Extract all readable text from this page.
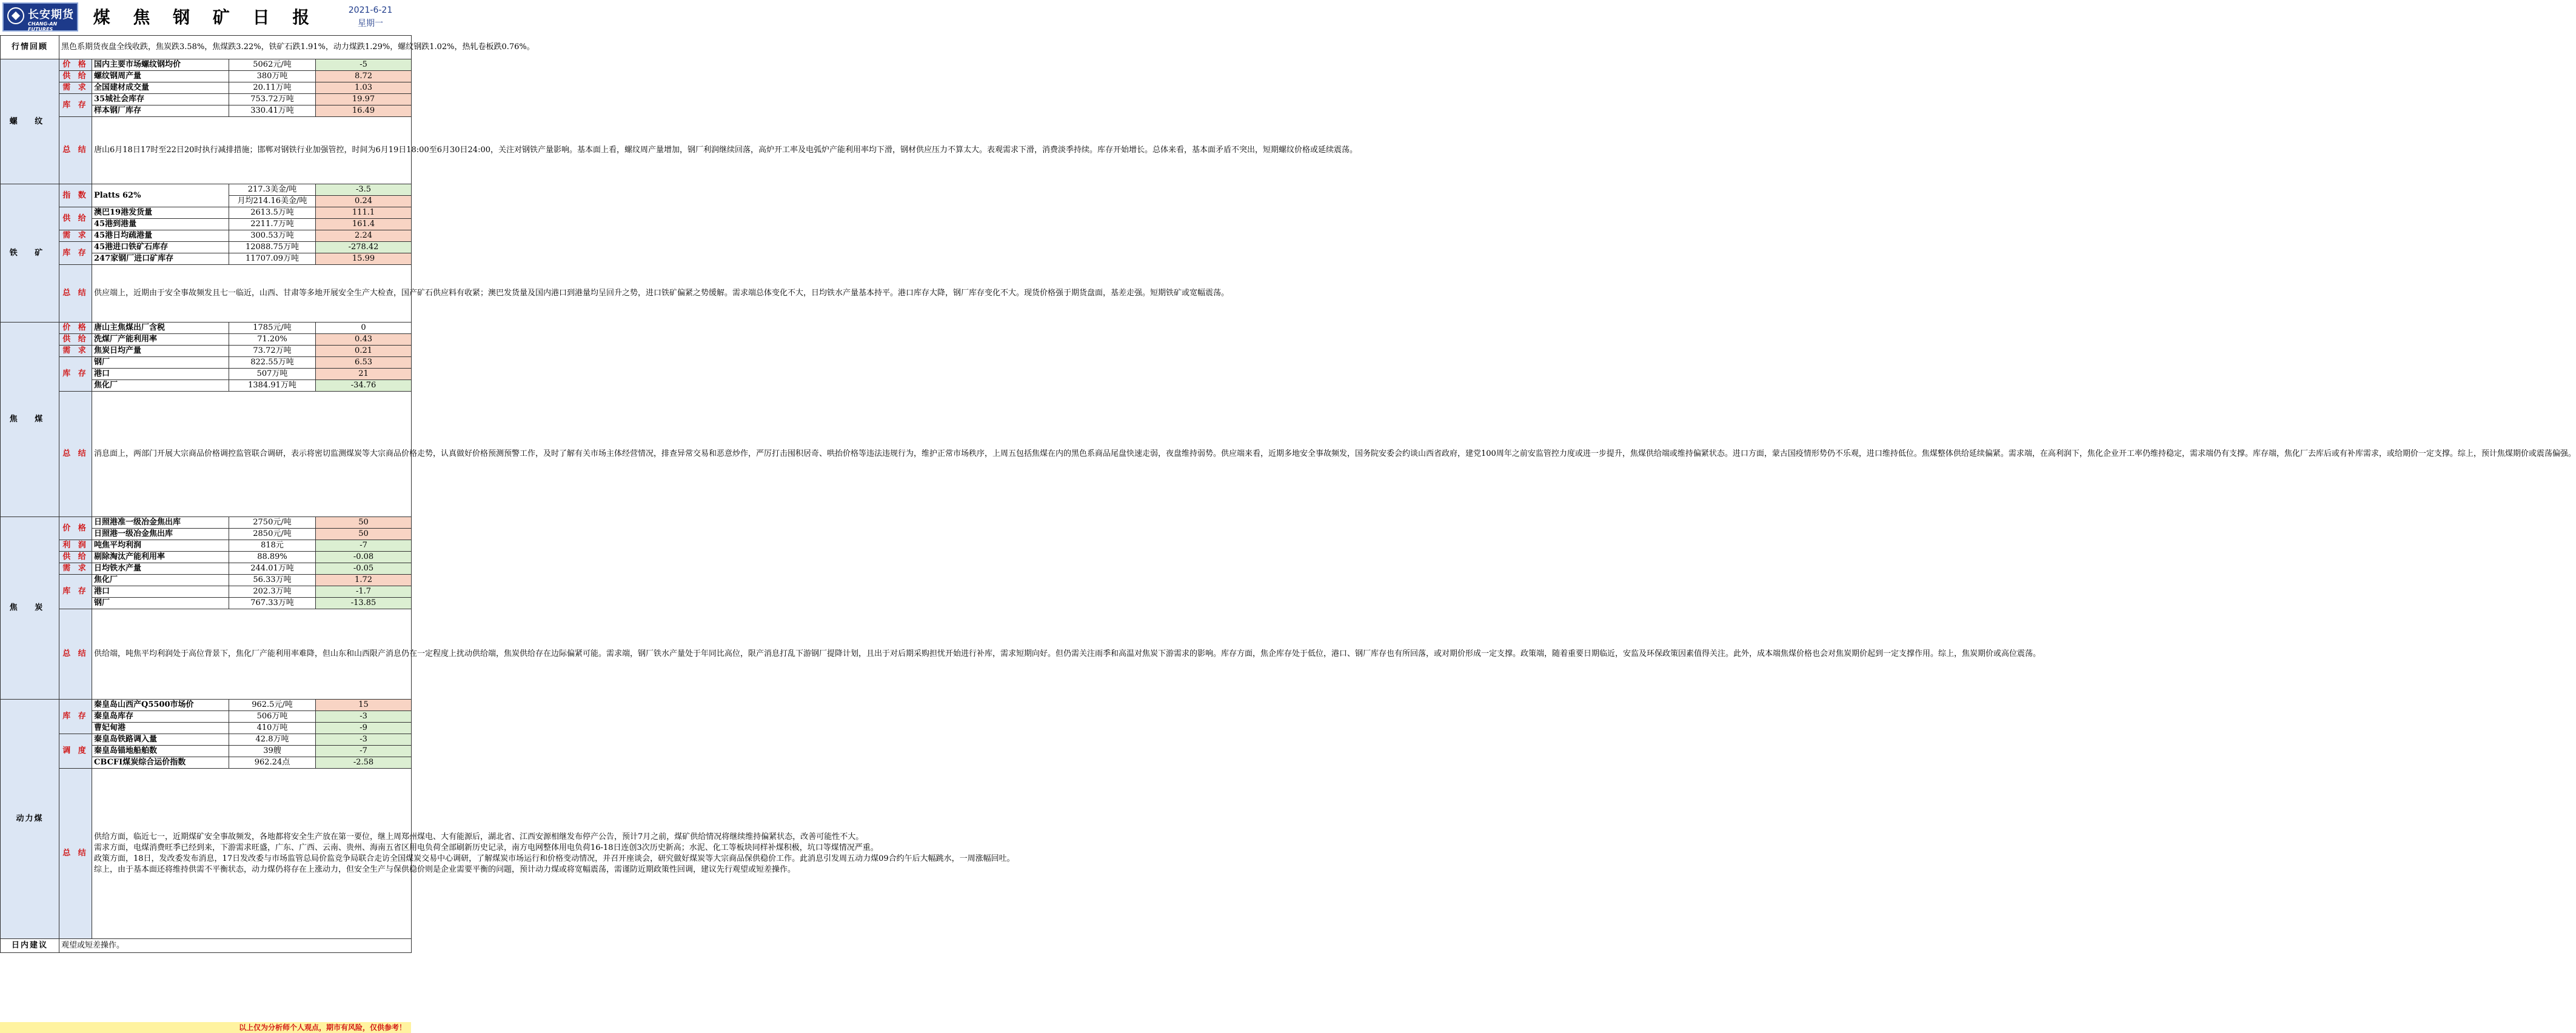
长安期货
CHANG-AN FUTURES
煤 焦 钢 矿 日 报	2021-6-21
星期一
行情回顾	黑色系期货夜盘全线收跌，焦炭跌3.58%，焦煤跌3.22%，铁矿石跌1.91%，动力煤跌1.29%，螺纹钢跌1.02%，热轧卷板跌0.76%。			
螺 纹	价 格	国内主要市场螺纹钢均价	5062元/吨	-5
	供 给	螺纹钢周产量	380万吨	8.72
	需 求	全国建材成交量	20.11万吨	1.03
	库 存	35城社会库存	753.72万吨	19.97
		样本钢厂库存	330.41万吨	16.49
	总 结	唐山6月18日17时至22日20时执行减排措施；邯郸对钢铁行业加强管控，时间为6月19日18:00至6月30日24:00，关注对钢铁产量影响。基本面上看，螺纹周产量增加，钢厂利润继续回落，高炉开工率及电弧炉产能利用率均下滑，钢材供应压力不算太大。表观需求下滑，消费淡季持续。库存开始增长。总体来看，基本面矛盾不突出，短期螺纹价格或延续震荡。		
铁 矿	指 数	Platts 62%	217.3美金/吨	-3.5
			月均214.16美金/吨	0.24
	供 给	澳巴19港发货量	2613.5万吨	111.1
		45港到港量	2211.7万吨	161.4
	需 求	45港日均疏港量	300.53万吨	2.24
	库 存	45港进口铁矿石库存	12088.75万吨	-278.42
		247家钢厂进口矿库存	11707.09万吨	15.99
	总 结	供应端上，近期由于安全事故频发且七一临近，山西、甘肃等多地开展安全生产大检查，国产矿石供应料有收紧；澳巴发货量及国内港口到港量均呈回升之势，进口铁矿偏紧之势缓解。需求端总体变化不大，日均铁水产量基本持平。港口库存大降，钢厂库存变化不大。现货价格强于期货盘面，基差走强。短期铁矿或宽幅震荡。		
焦 煤	价 格	唐山主焦煤出厂含税	1785元/吨	0
	供 给	洗煤厂产能利用率	71.20%	0.43
	需 求	焦炭日均产量	73.72万吨	0.21
	库 存	钢厂	822.55万吨	6.53
		港口	507万吨	21
		焦化厂	1384.91万吨	-34.76
	总 结	消息面上，两部门开展大宗商品价格调控监管联合调研，表示将密切监测煤炭等大宗商品价格走势，认真做好价格预测预警工作，及时了解有关市场主体经营情况，排查异常交易和恶意炒作，严厉打击囤积居奇、哄抬价格等违法违规行为，维护正常市场秩序，上周五包括焦煤在内的黑色系商品尾盘快速走弱，夜盘维持弱势。供应端来看，近期多地安全事故频发，国务院安委会约谈山西省政府，建党100周年之前安监管控力度或进一步提升，焦煤供给端或维持偏紧状态。进口方面，蒙古国疫情形势仍不乐观，进口维持低位。焦煤整体供给延续偏紧。需求端，在高利润下，焦化企业开工率仍维持稳定，需求端仍有支撑。库存端，焦化厂去库后或有补库需求，或给期价一定支撑。综上，预计焦煤期价或震荡偏强。		
焦 炭	价 格	日照港准一级冶金焦出库	2750元/吨	50
		日照港一级冶金焦出库	2850元/吨	50
	利 润	吨焦平均利润	818元	-7
	供 给	剔除淘汰产能利用率	88.89%	-0.08
	需 求	日均铁水产量	244.01万吨	-0.05
	库 存	焦化厂	56.33万吨	1.72
		港口	202.3万吨	-1.7
		钢厂	767.33万吨	-13.85
	总 结	供给端，吨焦平均利润处于高位背景下，焦化厂产能利用率难降，但山东和山西限产消息仍在一定程度上扰动供给端，焦炭供给存在边际偏紧可能。需求端，钢厂铁水产量处于年同比高位，限产消息打乱下游钢厂提降计划，且出于对后期采购担忧开始进行补库，需求短期向好。但仍需关注雨季和高温对焦炭下游需求的影响。库存方面，焦企库存处于低位，港口、钢厂库存也有所回落，或对期价形成一定支撑。政策端，随着重要日期临近，安监及环保政策因素值得关注。此外，成本端焦煤价格也会对焦炭期价起到一定支撑作用。综上，焦炭期价或高位震荡。		
动力煤	库 存	秦皇岛山西产Q5500市场价	962.5元/吨	15
		秦皇岛库存	506万吨	-3
		曹妃甸港	410万吨	-9
	调 度	秦皇岛铁路调入量	42.8万吨	-3
		秦皇岛锚地船舶数	39艘	-7
		CBCFI煤炭综合运价指数	962.24点	-2.58
	总 结	供给方面，临近七一，近期煤矿安全事故频发，各地都将安全生产放在第一要位，继上周郑州煤电、大有能源后，湖北省、江西安源相继发布停产公告，预计7月之前，煤矿供给情况将继续维持偏紧状态，改善可能性不大。
需求方面，电煤消费旺季已经到来，下游需求旺盛，广东、广西、云南、贵州、海南五省区用电负荷全部刷新历史记录，南方电网整体用电负荷16-18日连创3次历史新高；水泥、化工等板块同样补煤积极，坑口等煤情况严重。
政策方面，18日，发改委发布消息，17日发改委与市场监管总局价监竞争局联合走访全国煤炭交易中心调研，了解煤炭市场运行和价格变动情况，并召开座谈会，研究做好煤炭等大宗商品保供稳价工作。此消息引发周五动力煤09合约午后大幅跳水，一周涨幅回吐。
综上，由于基本面还将维持供需不平衡状态，动力煤仍将存在上涨动力，但安全生产与保供稳价则是企业需要平衡的问题，预计动力煤或将宽幅震荡，需谨防近期政策性回调，建议先行观望或短差操作。		

日内建议	观望或短差操作。			
以上仅为分析师个人观点，期市有风险，仅供参考！
